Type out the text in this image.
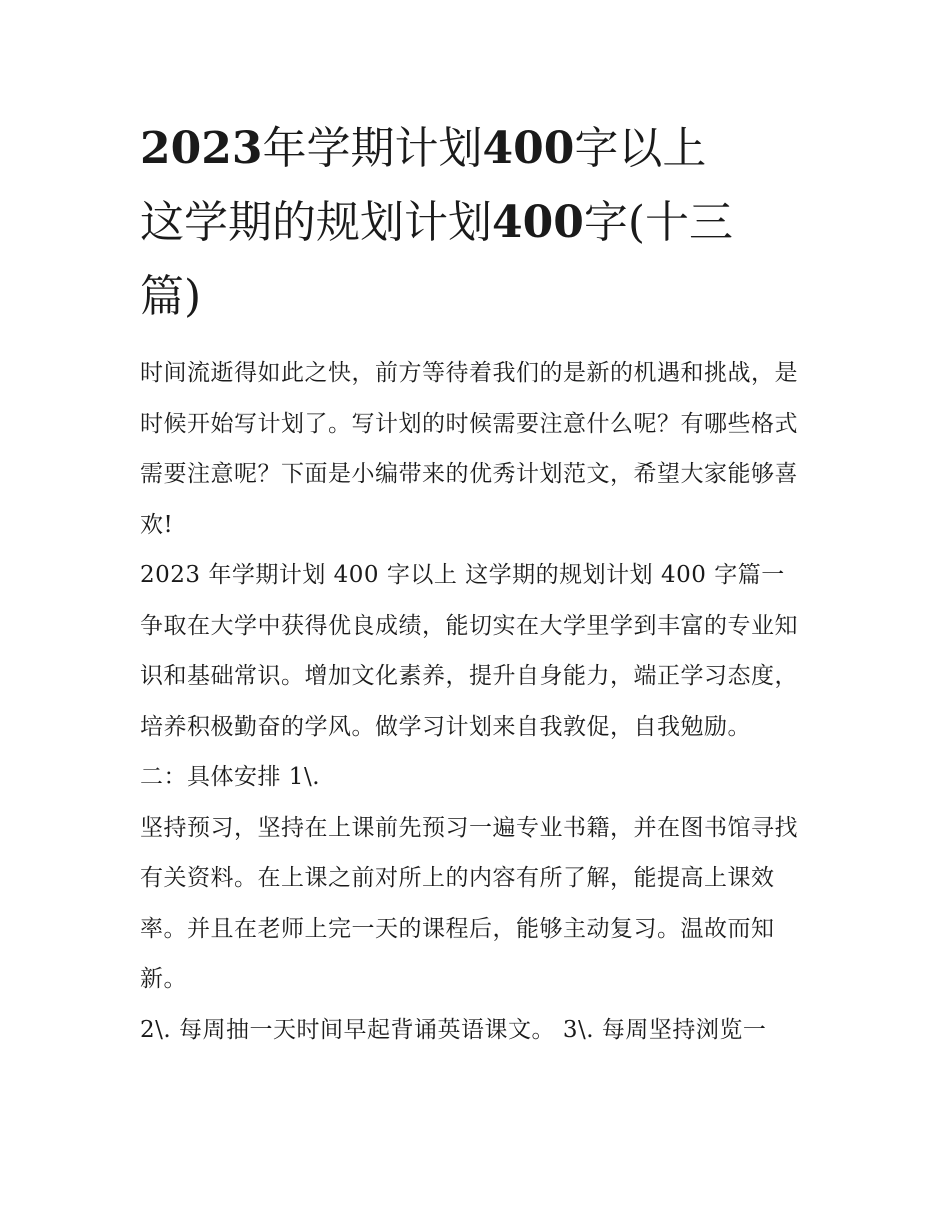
2023年学期计划400字以上
这学期的规划计划400字(十三
篇)

时间流逝得如此之快，前方等待着我们的是新的机遇和挑战，是时候开始写计划了。写计划的时候需要注意什么呢？有哪些格式需要注意呢？下面是小编带来的优秀计划范文，希望大家能够喜欢!

2023 年学期计划 400 字以上 这学期的规划计划 400 字篇一

争取在大学中获得优良成绩，能切实在大学里学到丰富的专业知识和基础常识。增加文化素养，提升自身能力，端正学习态度，培养积极勤奋的学风。做学习计划来自我敦促，自我勉励。

二：具体安排 1\.

坚持预习，坚持在上课前先预习一遍专业书籍，并在图书馆寻找有关资料。在上课之前对所上的内容有所了解，能提高上课效率。并且在老师上完一天的课程后，能够主动复习。温故而知新。

2\. 每周抽一天时间早起背诵英语课文。 3\. 每周坚持浏览一
